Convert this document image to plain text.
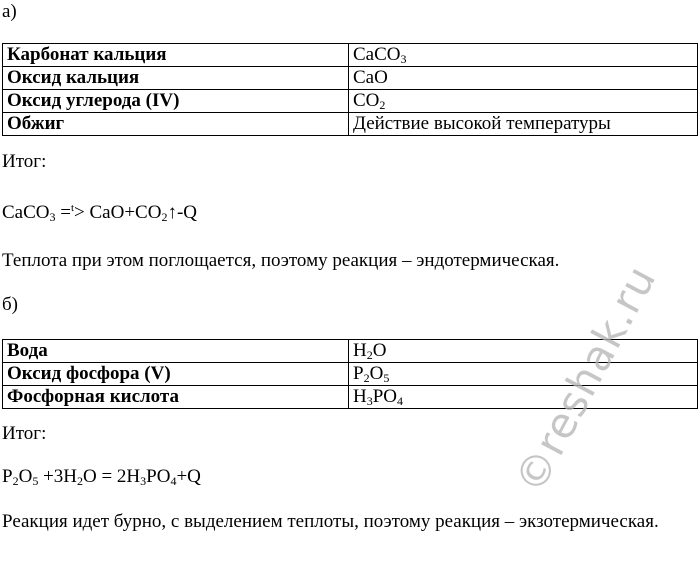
а)
Карбонат кальция	CaCO$_3$
Оксид кальция	CaO
Оксид углерода (IV)	$CO_2$
Обжиг	Действие высокой температуры
Итог:
CaCO$_3$ $=^t> CaO+CO_2↑-Q$
Теплота при этом поглощается, поэтому реакция – эндотермическая.
б)
Вода	$H_2O$
Оксид фосфора (V)	$P_2O_5$
Фосфорная кислота	$H_3PO_4$
Итог:
$P_2O_5 +3H_2O = 2H_3PO_4+Q$
Реакция идет бурно, с выделением теплоты, поэтому реакция – экзотермическая.
©reshak.ru
